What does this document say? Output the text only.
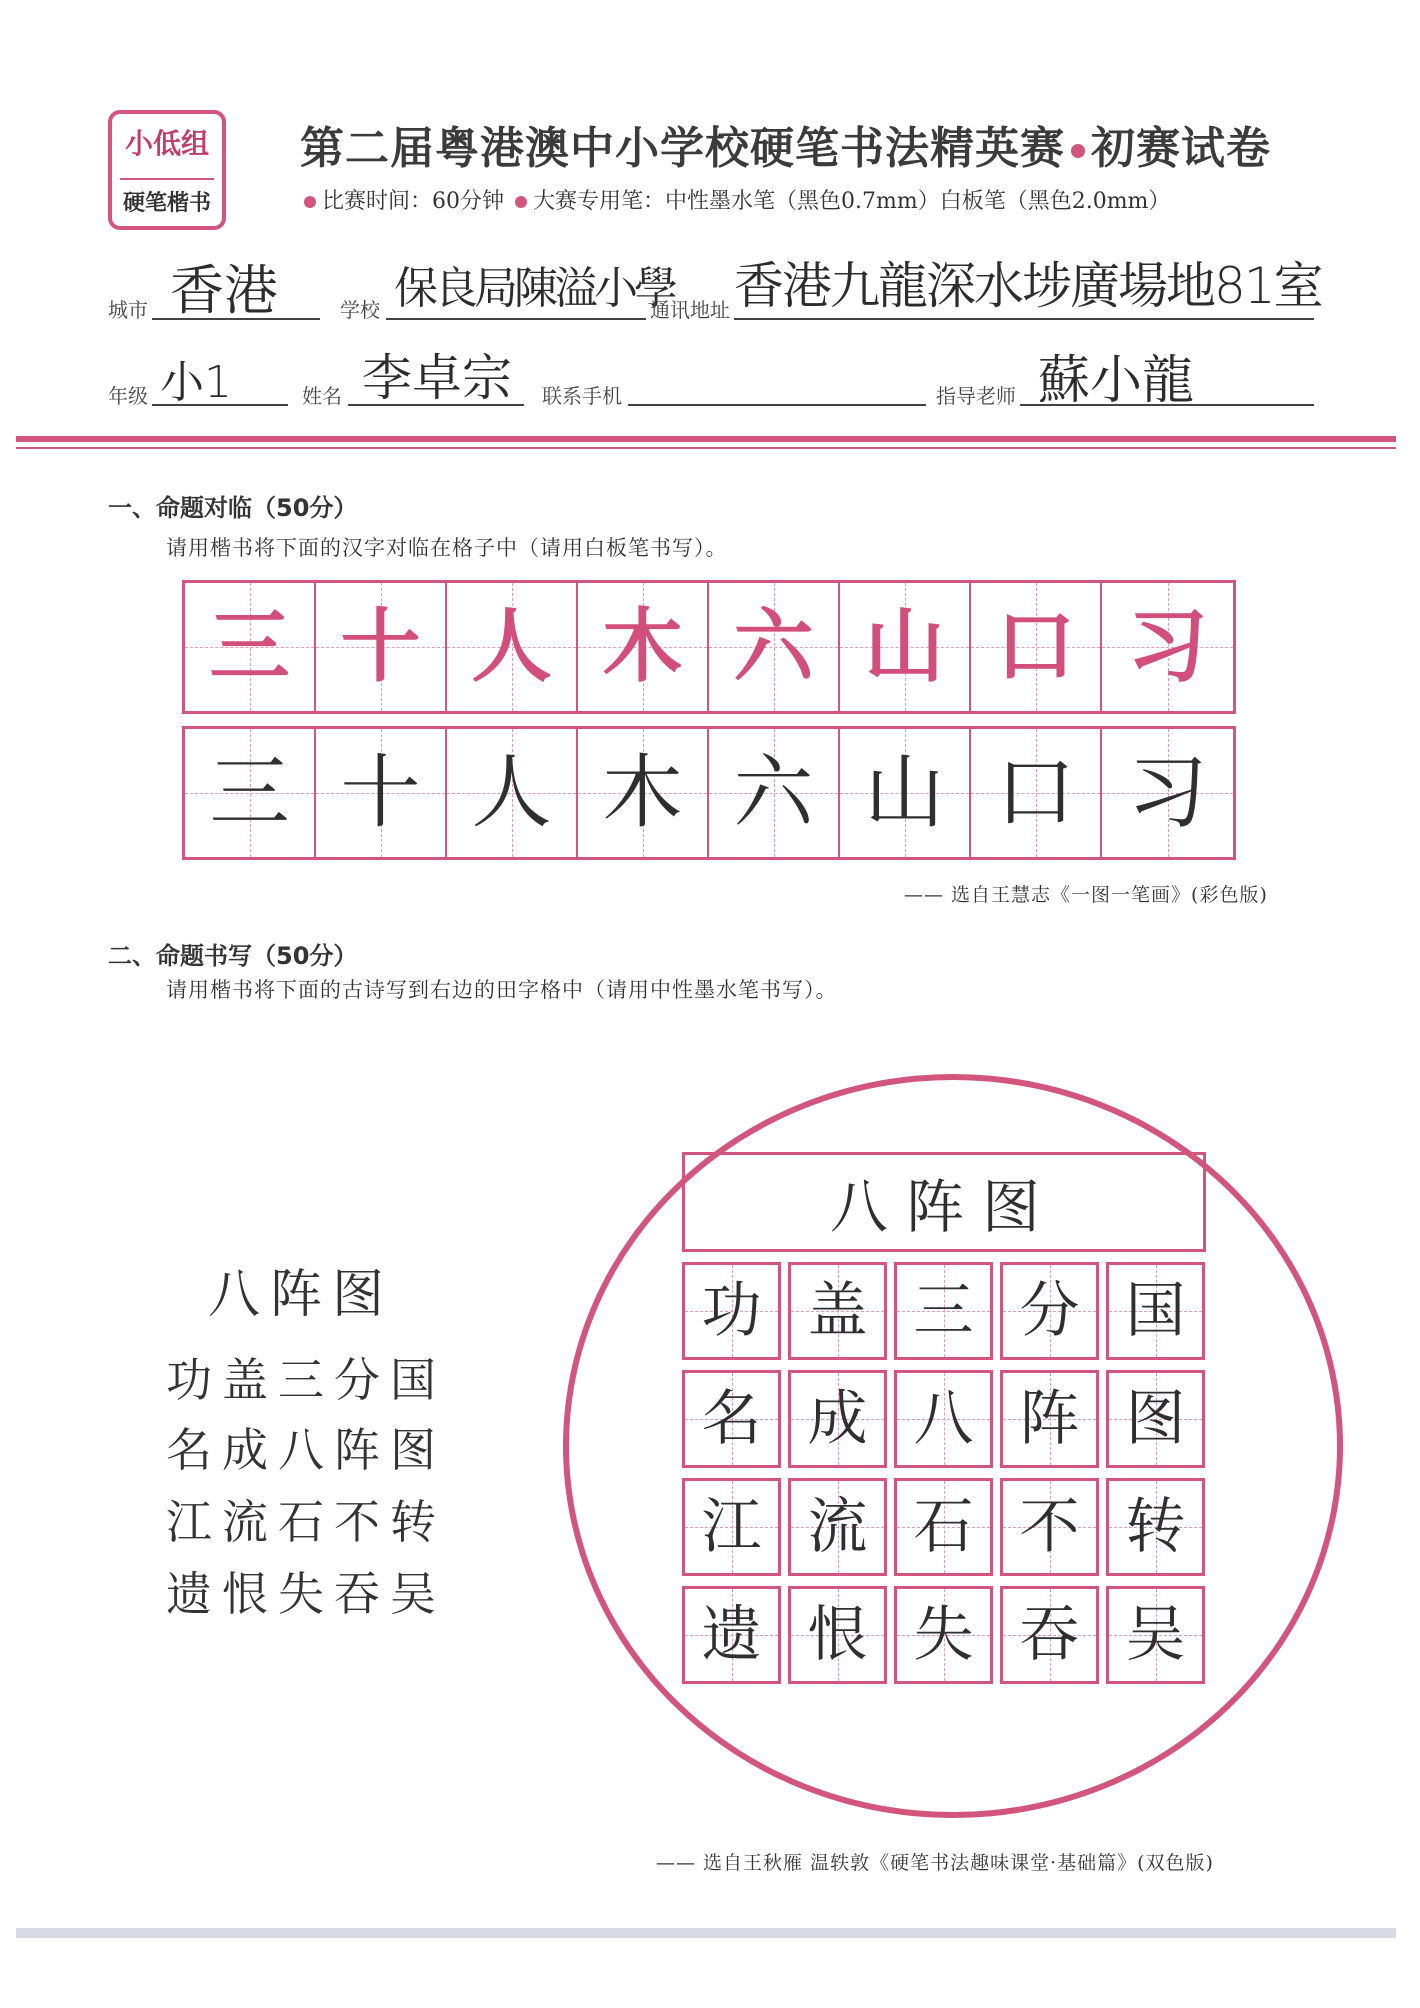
小低组
硬笔楷书
第二届粤港澳中小学校硬笔书法精英赛 初赛试卷
比赛时间：60分钟 大赛专用笔：中性墨水笔（黑色0.7mm）白板笔（黑色2.0mm）
城市 香港	学校 保良局陳溢小學
通讯地址 香港九龍深水埗廣場地81室
年级 小1	姓名 李卓宗 联系手机	指导老师 蘇小龍
一、命题对临（50分）
请用楷书将下面的汉字对临在格子中（请用白板笔书写）。
三 十 人 木 六 山 口 习
三 十 人 木 六 山 口 习
—— 选自王慧志《一图一笔画》(彩色版)
二、命题书写（50分）
请用楷书将下面的古诗写到右边的田字格中（请用中性墨水笔书写）。
八阵图
功盖三分国
名成八阵图
江流石不转
遗恨失吞吴
八阵图
功 盖 三 分 国
名 成 八 阵 图
江 流 石 不 转
遗 恨 失 吞 吴
—— 选自王秋雁 温轶敦《硬笔书法趣味课堂·基础篇》(双色版)
